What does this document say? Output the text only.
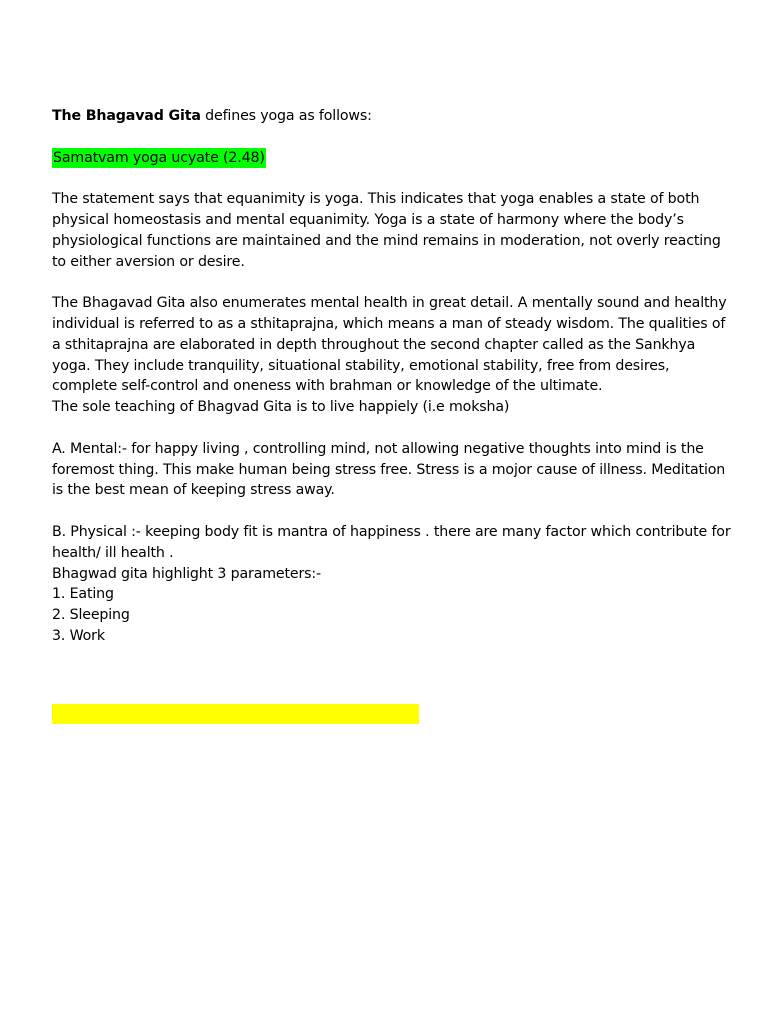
The Bhagavad Gita defines yoga as follows:

Samatvam yoga ucyate (2.48)

The statement says that equanimity is yoga. This indicates that yoga enables a state of both physical homeostasis and mental equanimity. Yoga is a state of harmony where the body’s physiological functions are maintained and the mind remains in moderation, not overly reacting to either aversion or desire.

The Bhagavad Gita also enumerates mental health in great detail. A mentally sound and healthy individual is referred to as a sthitaprajna, which means a man of steady wisdom. The qualities of a sthitaprajna are elaborated in depth throughout the second chapter called as the Sankhya yoga. They include tranquility, situational stability, emotional stability, free from desires, complete self-control and oneness with brahman or knowledge of the ultimate.

The sole teaching of Bhagvad Gita is to live happiely (i.e moksha)

A. Mental:- for happy living , controlling mind, not allowing negative thoughts into mind is the foremost thing. This make human being stress free. Stress is a mojor cause of illness. Meditation is the best mean of keeping stress away.

B. Physical :- keeping body fit is mantra of happiness . there are many factor which contribute for health/ ill health .

Bhagwad gita highlight 3 parameters:-

1. Eating

2. Sleeping

3. Work
